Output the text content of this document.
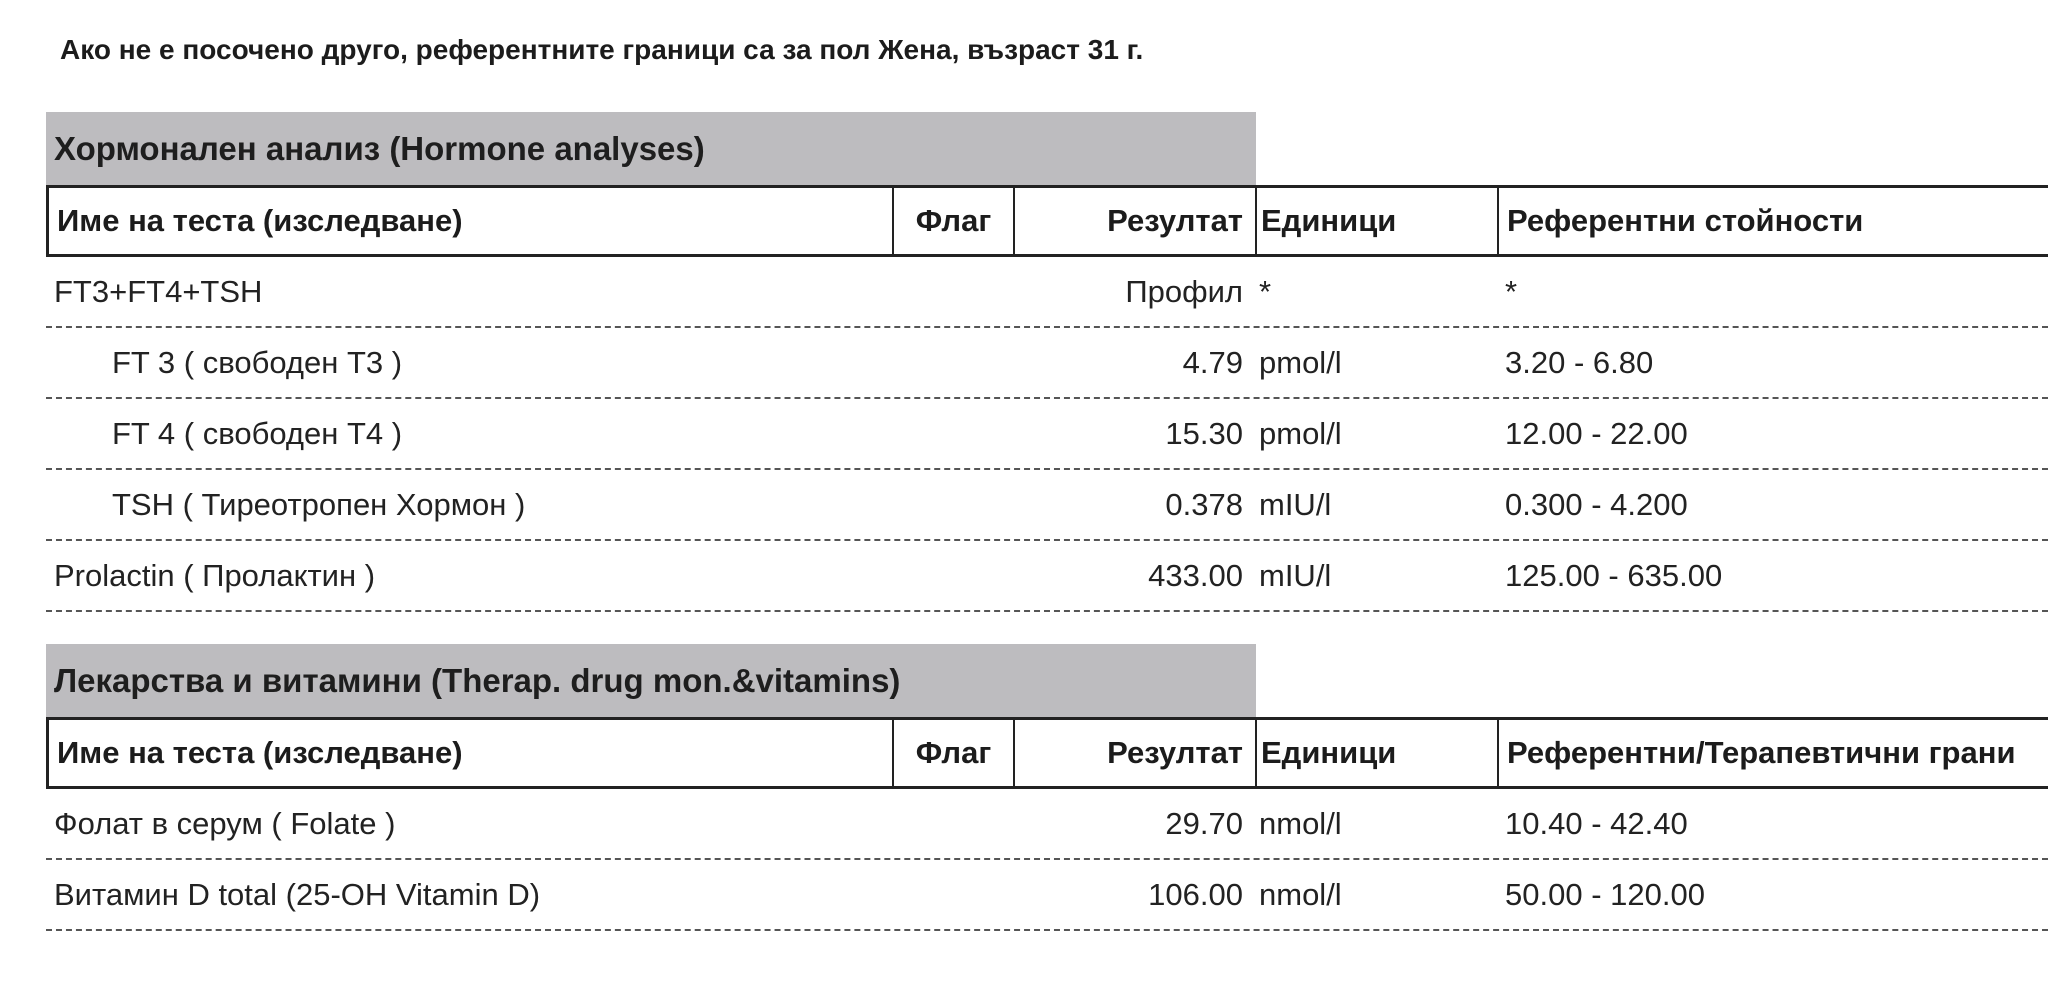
Ако не е посочено друго, референтните граници са за пол Жена, възраст 31 г.
Хормонален анализ (Hormone analyses)
Име на теста (изследване)	Флаг	Резултат Единици	Референтни стойности
FT3+FT4+TSH	Профил *	*
FT 3 ( свободен T3 )	4.79 pmol/l	3.20 - 6.80
FT 4 ( свободен T4 )	15.30 pmol/l	12.00 - 22.00
TSH ( Тиреотропен Хормон )	0.378 mIU/l	0.300 - 4.200
Prolactin ( Пролактин )	433.00 mIU/l	125.00 - 635.00
Лекарства и витамини (Therap. drug mon.&vitamins)
Име на теста (изследване)	Флаг	Резултат Единици	Референтни/Терапевтични грани
Фолат в серум ( Folate )	29.70 nmol/l	10.40 - 42.40
Витамин D total (25-OH Vitamin D)	106.00 nmol/l	50.00 - 120.00
